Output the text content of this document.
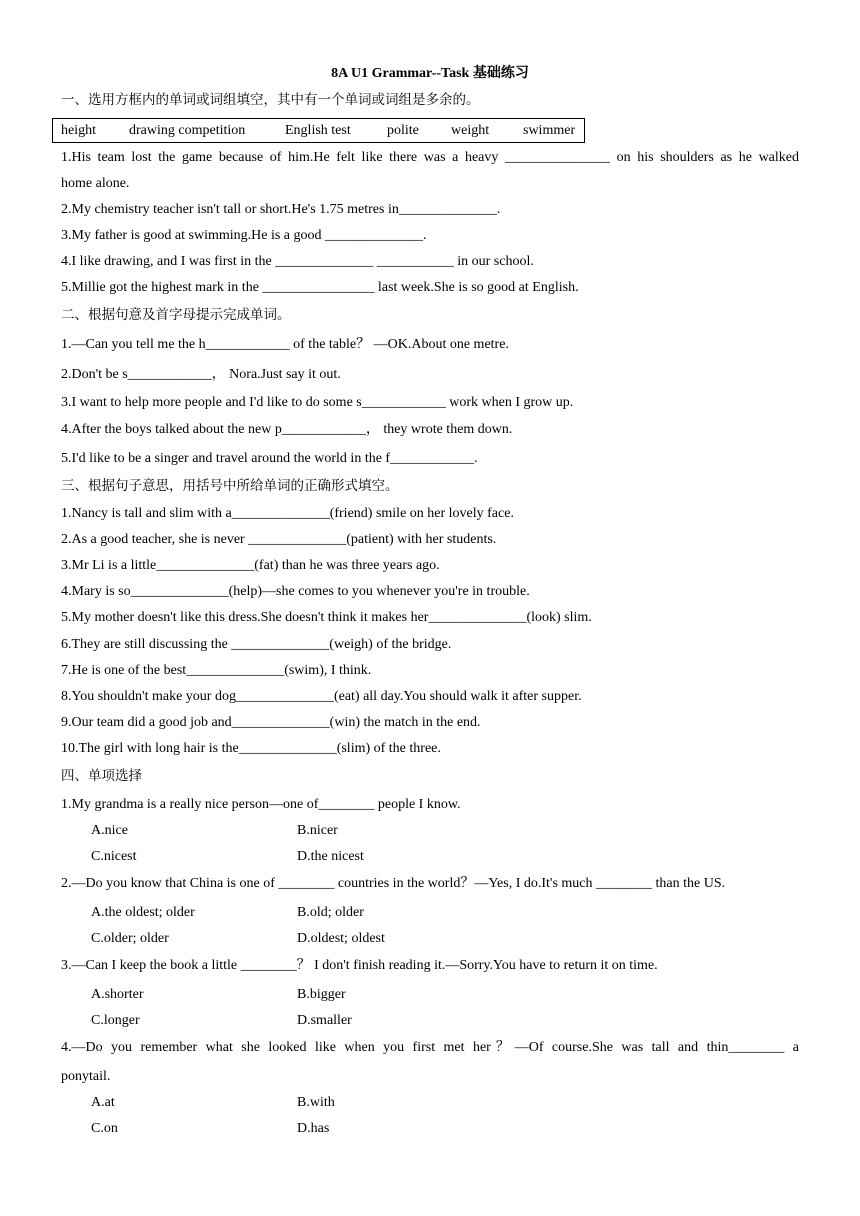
8A U1 Grammar--Task 基础练习
一、选用方框内的单词或词组填空，其中有一个单词或词组是多余的。
height drawing competition	English test	polite weight swimmer
1.His team lost the game because of him.He felt like there was a heavy _______________ on his shoulders as he walked
home alone.
2.My chemistry teacher isn't tall or short.He's 1.75 metres in______________.
3.My father is good at swimming.He is a good ______________.
4.I like drawing, and I was first in the ______________ ___________ in our school.
5.Millie got the highest mark in the ________________ last week.She is so good at English.
二、根据句意及首字母提示完成单词。
1.—Can you tell me the h____________ of the table？ —OK.About one metre.
2.Don't be s____________， Nora.Just say it out.
3.I want to help more people and I'd like to do some s____________ work when I grow up.
4.After the boys talked about the new p____________， they wrote them down.
5.I'd like to be a singer and travel around the world in the f____________.
三、根据句子意思，用括号中所给单词的正确形式填空。
1.Nancy is tall and slim with a______________(friend) smile on her lovely face.
2.As a good teacher, she is never ______________(patient) with her students.
3.Mr Li is a little______________(fat) than he was three years ago.
4.Mary is so______________(help)—she comes to you whenever you're in trouble.
5.My mother doesn't like this dress.She doesn't think it makes her______________(look) slim.
6.They are still discussing the ______________(weigh) of the bridge.
7.He is one of the best______________(swim), I think.
8.You shouldn't make your dog______________(eat) all day.You should walk it after supper.
9.Our team did a good job and______________(win) the match in the end.
10.The girl with long hair is the______________(slim) of the three.
四、单项选择
1.My grandma is a really nice person—one of________ people I know.
A.nice	B.nicer
C.nicest	D.the nicest
2.—Do you know that China is one of ________ countries in the world？—Yes, I do.It's much ________ than the US.
A.the oldest; older	B.old; older
C.older; older	D.oldest; oldest
3.—Can I keep the book a little ________？ I don't finish reading it.—Sorry.You have to return it on time.
A.shorter	B.bigger
C.longer	D.smaller
4.—Do you remember what she looked like when you first met her？—Of course.She was tall and thin________ a
ponytail.
A.at	B.with
C.on	D.has
